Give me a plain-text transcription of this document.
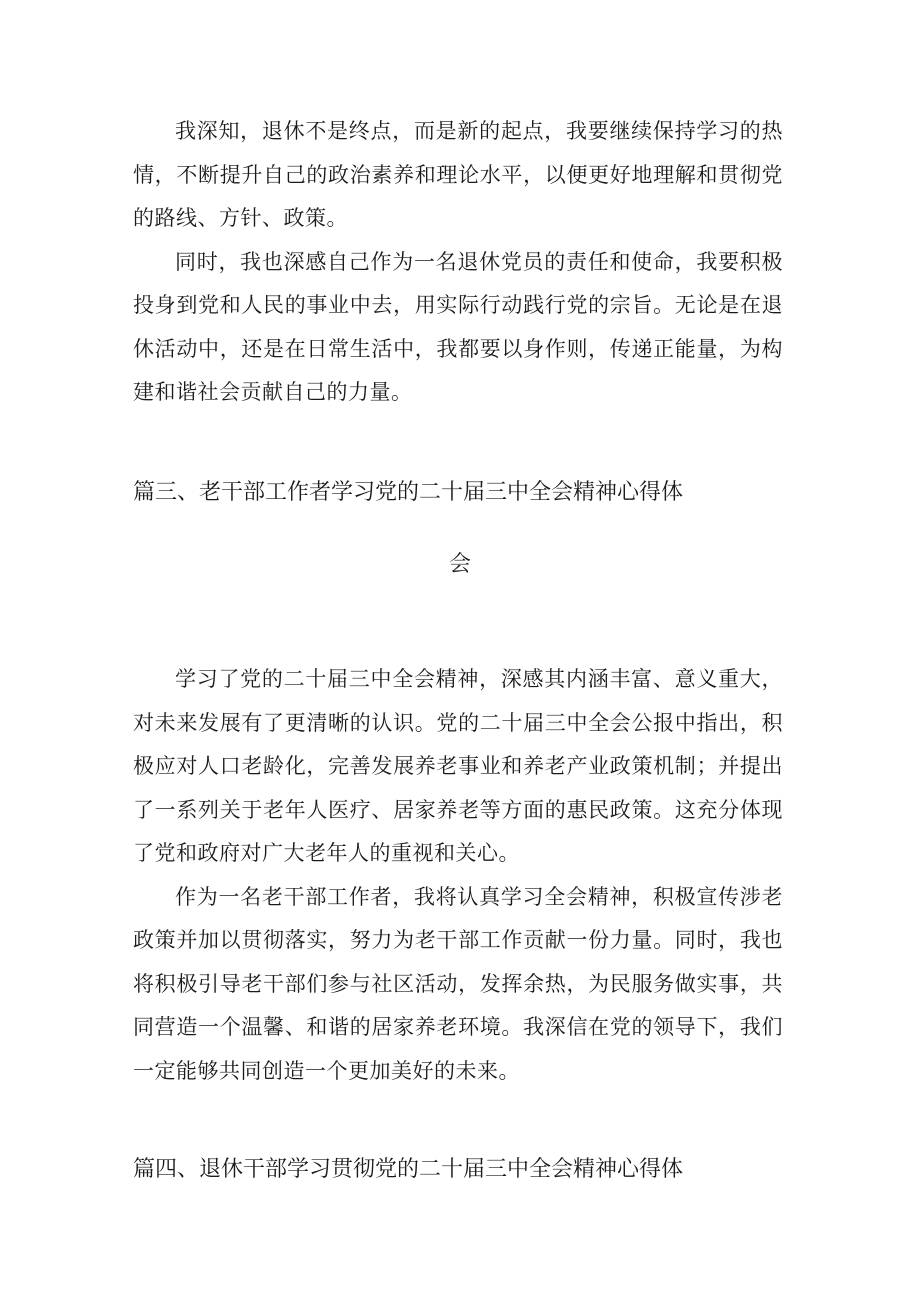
我深知，退休不是终点，而是新的起点，我要继续保持学习的热情，不断提升自己的政治素养和理论水平，以便更好地理解和贯彻党的路线、方针、政策。

同时，我也深感自己作为一名退休党员的责任和使命，我要积极投身到党和人民的事业中去，用实际行动践行党的宗旨。无论是在退休活动中，还是在日常生活中，我都要以身作则，传递正能量，为构建和谐社会贡献自己的力量。

篇三、老干部工作者学习党的二十届三中全会精神心得体
会

学习了党的二十届三中全会精神，深感其内涵丰富、意义重大，对未来发展有了更清晰的认识。党的二十届三中全会公报中指出，积极应对人口老龄化，完善发展养老事业和养老产业政策机制；并提出了一系列关于老年人医疗、居家养老等方面的惠民政策。这充分体现了党和政府对广大老年人的重视和关心。

作为一名老干部工作者，我将认真学习全会精神，积极宣传涉老政策并加以贯彻落实，努力为老干部工作贡献一份力量。同时，我也将积极引导老干部们参与社区活动，发挥余热，为民服务做实事，共同营造一个温馨、和谐的居家养老环境。我深信在党的领导下，我们一定能够共同创造一个更加美好的未来。

篇四、退休干部学习贯彻党的二十届三中全会精神心得体
